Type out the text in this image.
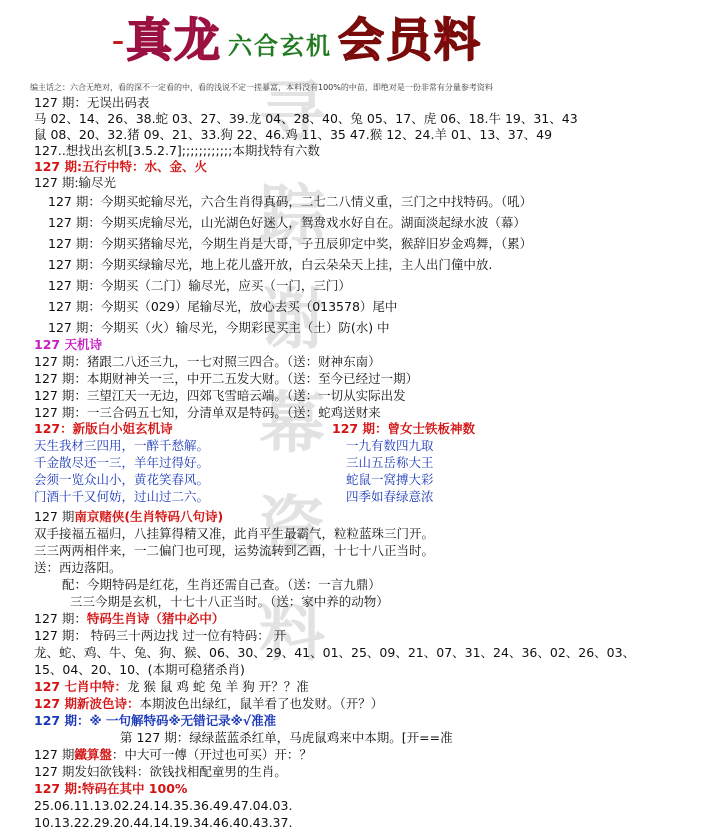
– 真龙 六合玄机 会员料
编主话之：六合无绝对，看的深不一定看的中，看的浅说不定一搓暴富，本料没有100%的中苗，即绝对是一份非常有分量参考资料
寻
踪
谢
幕
资
料
127 期：无误出码表
马 02、14、26、38.蛇 03、27、39.龙 04、28、40、兔 05、17、虎 06、18.牛 19、31、43
鼠 08、20、32.猪 09、21、33.狗 22、46.鸡 11、35 47.猴 12、24.羊 01、13、37、49
127..想找出玄机[3.5.2.7];;;;;;;;;;;;本期找特有六数
127 期:五行中特：水、金、火
127 期:输尽光
127 期：今期买蛇输尽光，六合生肖得真码，二七二八情义重，三门之中找特码。（吼）
127 期：今期买虎输尽光，山光湖色好迷人，鸳鸯戏水好自在。湖面淡起绿水波（幕）
127 期：今期买猪输尽光，今期生肖是大哥，子丑辰卯定中奖，猴辞旧岁金鸡舞，（累）
127 期：今期买绿输尽光，地上花儿盛开放，白云朵朵天上挂，主人出门僮中放.
127 期：今期买（二门）输尽光，应买（一门，三门）
127 期：今期买（029）尾输尽光，放心去买（013578）尾中
127 期：今期买（火）输尽光，今期彩民买主（土）防(水) 中
127 天机诗
127 期：猪跟二八还三九，一七对照三四合。（送：财神东南）
127 期：本期财神关一三，中开二五发大财。（送：至今已经过一期）
127 期：三望江天一无边，四郊飞雪暗云端。（送：一切从实际出发
127 期：一三合码五七知，分清单双是特码。（送：蛇鸡送财来
127：新版白小姐玄机诗	127 期：曾女士铁板神数
天生我材三四用，一醉千愁解。
千金散尽还一三，羊年过得好。
会须一览众山小，黄花笑春风。
门酒十千又何妨，过山过二六。
一九有数四九取
三山五岳称大王
蛇鼠一窝搏大彩
四季如春绿意浓
127 期南京赌侠(生肖特码八句诗)
双手接福五福归，八挂算得精又准，此肖平生最霸气，粒粒蓝珠三门开。
三三两两相伴来，一二偏门也可现，运势流转到乙酉，十七十八正当时。
送：西边落阳。
配：今期特码是红花，生肖还需自己查。（送：一言九鼎）
三三今期是玄机，十七十八正当时。（送：家中养的动物）
127 期：特码生肖诗（猪中必中）
127 期： 特码三十两边找 过一位有特码： 开
龙、蛇、鸡、牛、兔、狗、猴、06、30、29、41、01、25、09、21、07、31、24、36、02、26、03、
15、04、20、10、(本期可稳猪杀肖)
127 七肖中特：龙 猴 鼠 鸡 蛇 兔 羊 狗 开？？准
127 期新波色诗：本期波色出绿红，鼠羊看了也发财。（开？）
127 期：※ 一句解特码※无错记录※√准准
第 127 期：绿绿蓝蓝杀红单，马虎鼠鸡来中本期。[开==准
127 期鐵算盤：中大可一傅（开过也可买）开：？
127 期发妇欲钱料：欲钱找相配童男的生肖。
127 期:特码在其中 100%
25.06.11.13.02.24.14.35.36.49.47.04.03.
10.13.22.29.20.44.14.19.34.46.40.43.37.
